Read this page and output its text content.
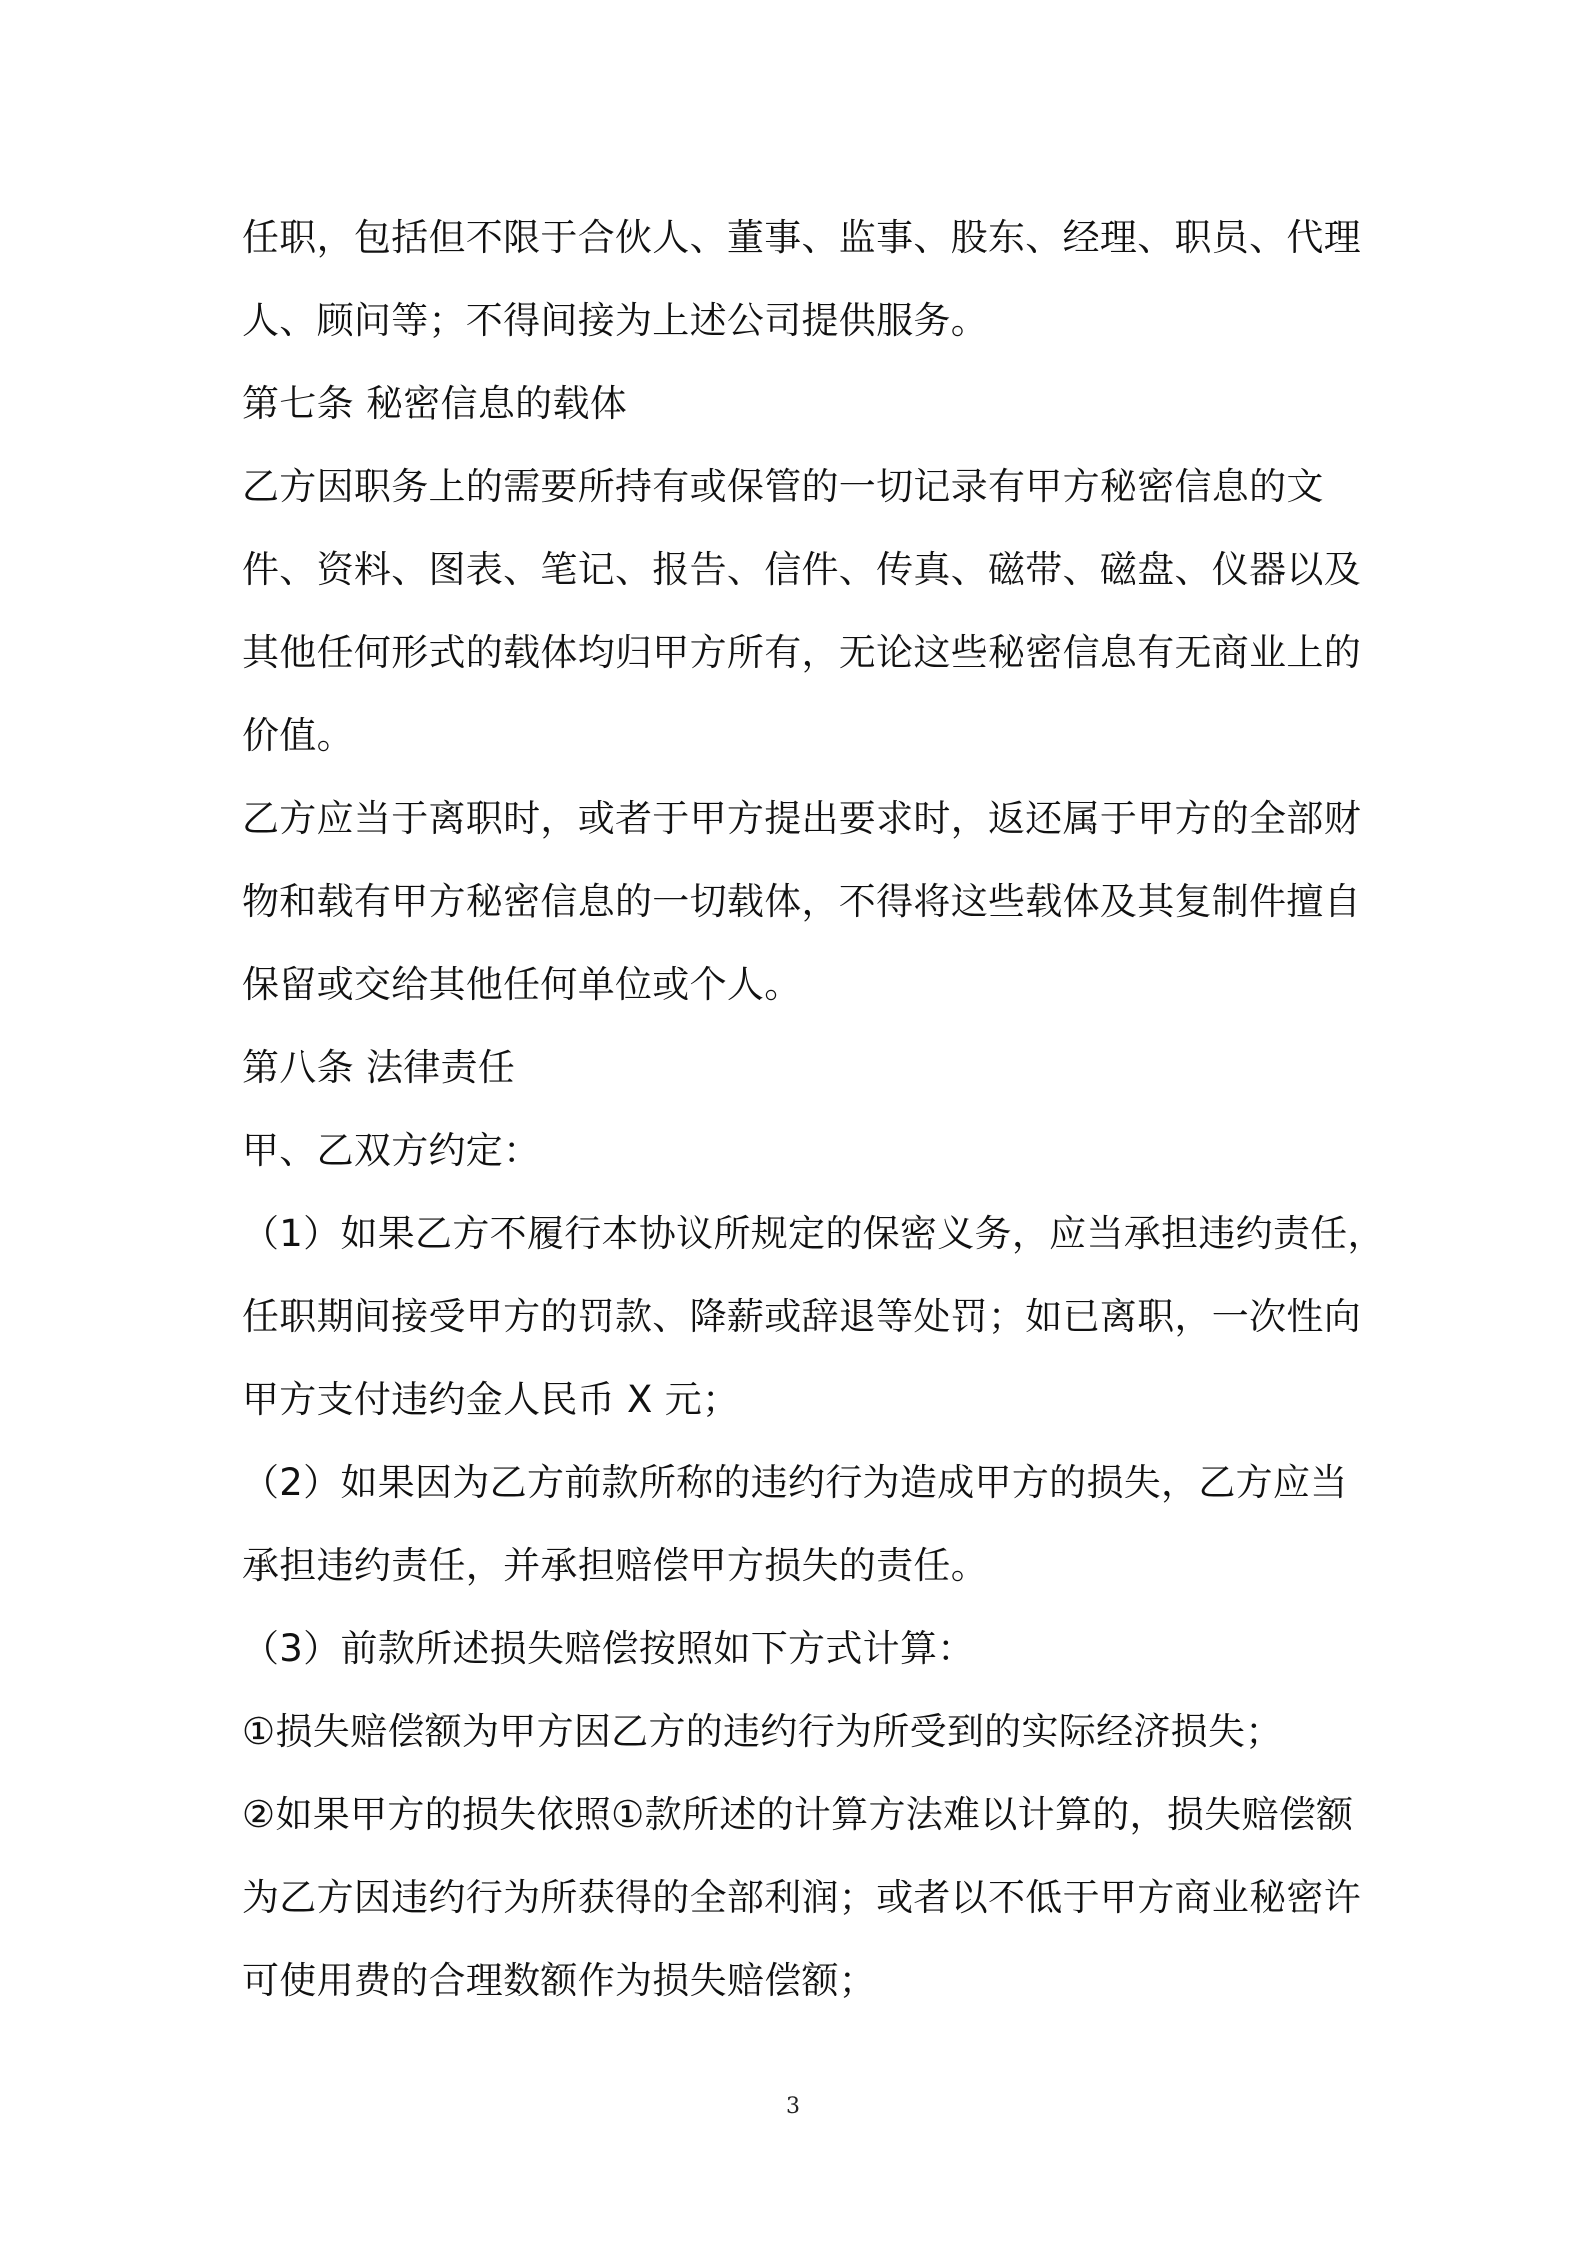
任职，包括但不限于合伙人、董事、监事、股东、经理、职员、代理
人、顾问等；不得间接为上述公司提供服务。
第七条 秘密信息的载体
乙方因职务上的需要所持有或保管的一切记录有甲方秘密信息的文
件、资料、图表、笔记、报告、信件、传真、磁带、磁盘、仪器以及
其他任何形式的载体均归甲方所有，无论这些秘密信息有无商业上的
价值。
乙方应当于离职时，或者于甲方提出要求时，返还属于甲方的全部财
物和载有甲方秘密信息的一切载体，不得将这些载体及其复制件擅自
保留或交给其他任何单位或个人。
第八条 法律责任
甲、乙双方约定：
（1）如果乙方不履行本协议所规定的保密义务，应当承担违约责任，
任职期间接受甲方的罚款、降薪或辞退等处罚；如已离职，一次性向
甲方支付违约金人民币 X 元；
（2）如果因为乙方前款所称的违约行为造成甲方的损失，乙方应当
承担违约责任，并承担赔偿甲方损失的责任。
（3）前款所述损失赔偿按照如下方式计算：
①损失赔偿额为甲方因乙方的违约行为所受到的实际经济损失；
②如果甲方的损失依照①款所述的计算方法难以计算的，损失赔偿额
为乙方因违约行为所获得的全部利润；或者以不低于甲方商业秘密许
可使用费的合理数额作为损失赔偿额；
3
